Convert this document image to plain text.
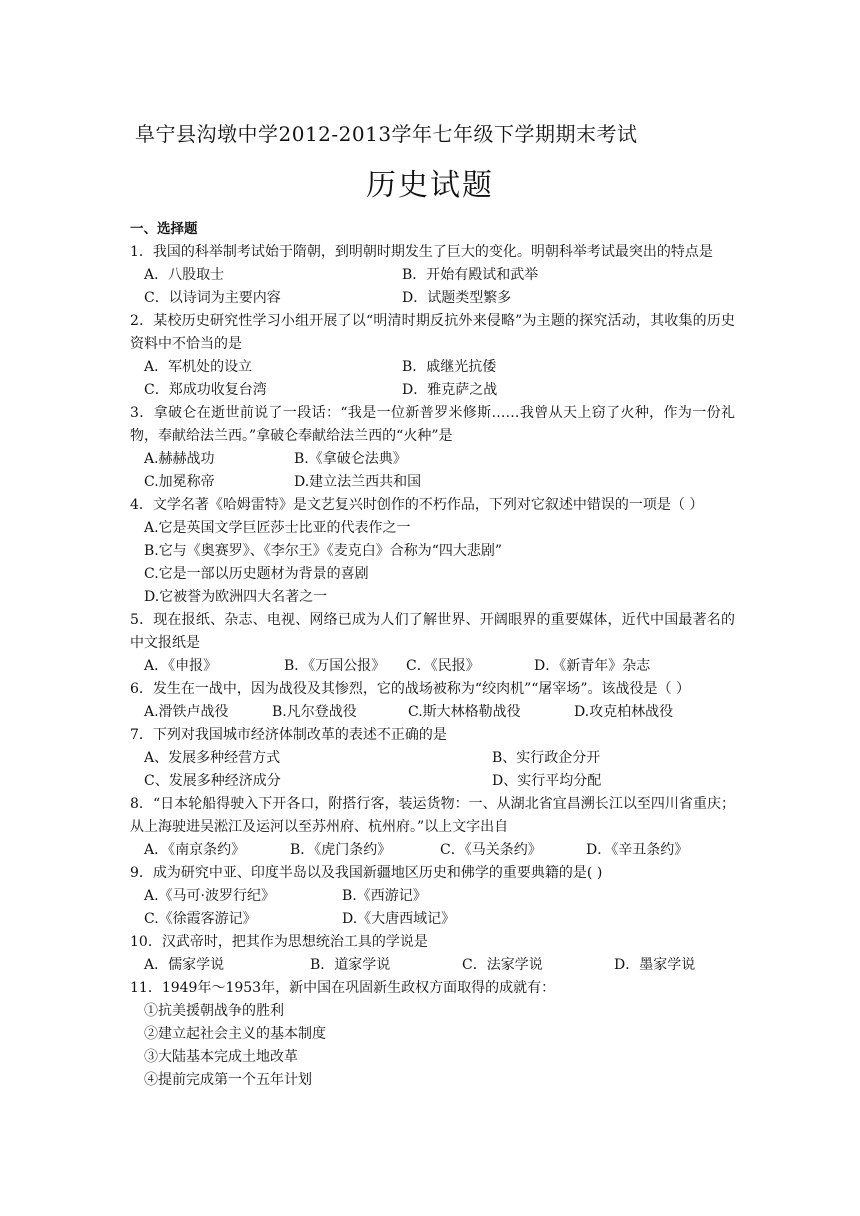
阜宁县沟墩中学2012-2013学年七年级下学期期末考试
历史试题
一、选择题

1．我国的科举制考试始于隋朝，到明朝时期发生了巨大的变化。明朝科举考试最突出的特点是

A．八股取士	B．开始有殿试和武举
C．以诗词为主要内容	D．试题类型繁多

2．某校历史研究性学习小组开展了以“明清时期反抗外来侵略”为主题的探究活动，其收集的历史资料中不恰当的是

A．军机处的设立	B．戚继光抗倭
C．郑成功收复台湾	D．雅克萨之战

3．拿破仑在逝世前说了一段话：“我是一位新普罗米修斯……我曾从天上窃了火种，作为一份礼物，奉献给法兰西。”拿破仑奉献给法兰西的“火种”是

A.赫赫战功	B.《拿破仑法典》
C.加冕称帝	D.建立法兰西共和国

4．文学名著《哈姆雷特》是文艺复兴时创作的不朽作品，下列对它叙述中错误的一项是（ ）

A.它是英国文学巨匠莎士比亚的代表作之一
B.它与《奥赛罗》、《李尔王》《麦克白》合称为“四大悲剧”
C.它是一部以历史题材为背景的喜剧
D.它被誉为欧洲四大名著之一

5．现在报纸、杂志、电视、网络已成为人们了解世界、开阔眼界的重要媒体，近代中国最著名的中文报纸是

A．《申报》	B．《万国公报》	C．《民报》	D．《新青年》杂志

6．发生在一战中，因为战役及其惨烈，它的战场被称为“绞肉机”“屠宰场”。该战役是（ ）

A.滑铁卢战役	B.凡尔登战役	C.斯大林格勒战役	D.攻克柏林战役

7．下列对我国城市经济体制改革的表述不正确的是

A、发展多种经营方式	B、实行政企分开
C、发展多种经济成分	D、实行平均分配

8．“日本轮船得驶入下开各口，附搭行客，装运货物：一、从湖北省宜昌溯长江以至四川省重庆；从上海驶进吴淞江及运河以至苏州府、杭州府。”以上文字出自

A．《南京条约》	B．《虎门条约》	C．《马关条约》	D．《辛丑条约》

9．成为研究中亚、印度半岛以及我国新疆地区历史和佛学的重要典籍的是( )

A.《马可·波罗行纪》	B.《西游记》
C.《徐霞客游记》	D.《大唐西域记》

10．汉武帝时，把其作为思想统治工具的学说是

A．儒家学说	B．道家学说	C．法家学说	D．墨家学说

11．1949年～1953年，新中国在巩固新生政权方面取得的成就有：

①抗美援朝战争的胜利
②建立起社会主义的基本制度
③大陆基本完成土地改革
④提前完成第一个五年计划
